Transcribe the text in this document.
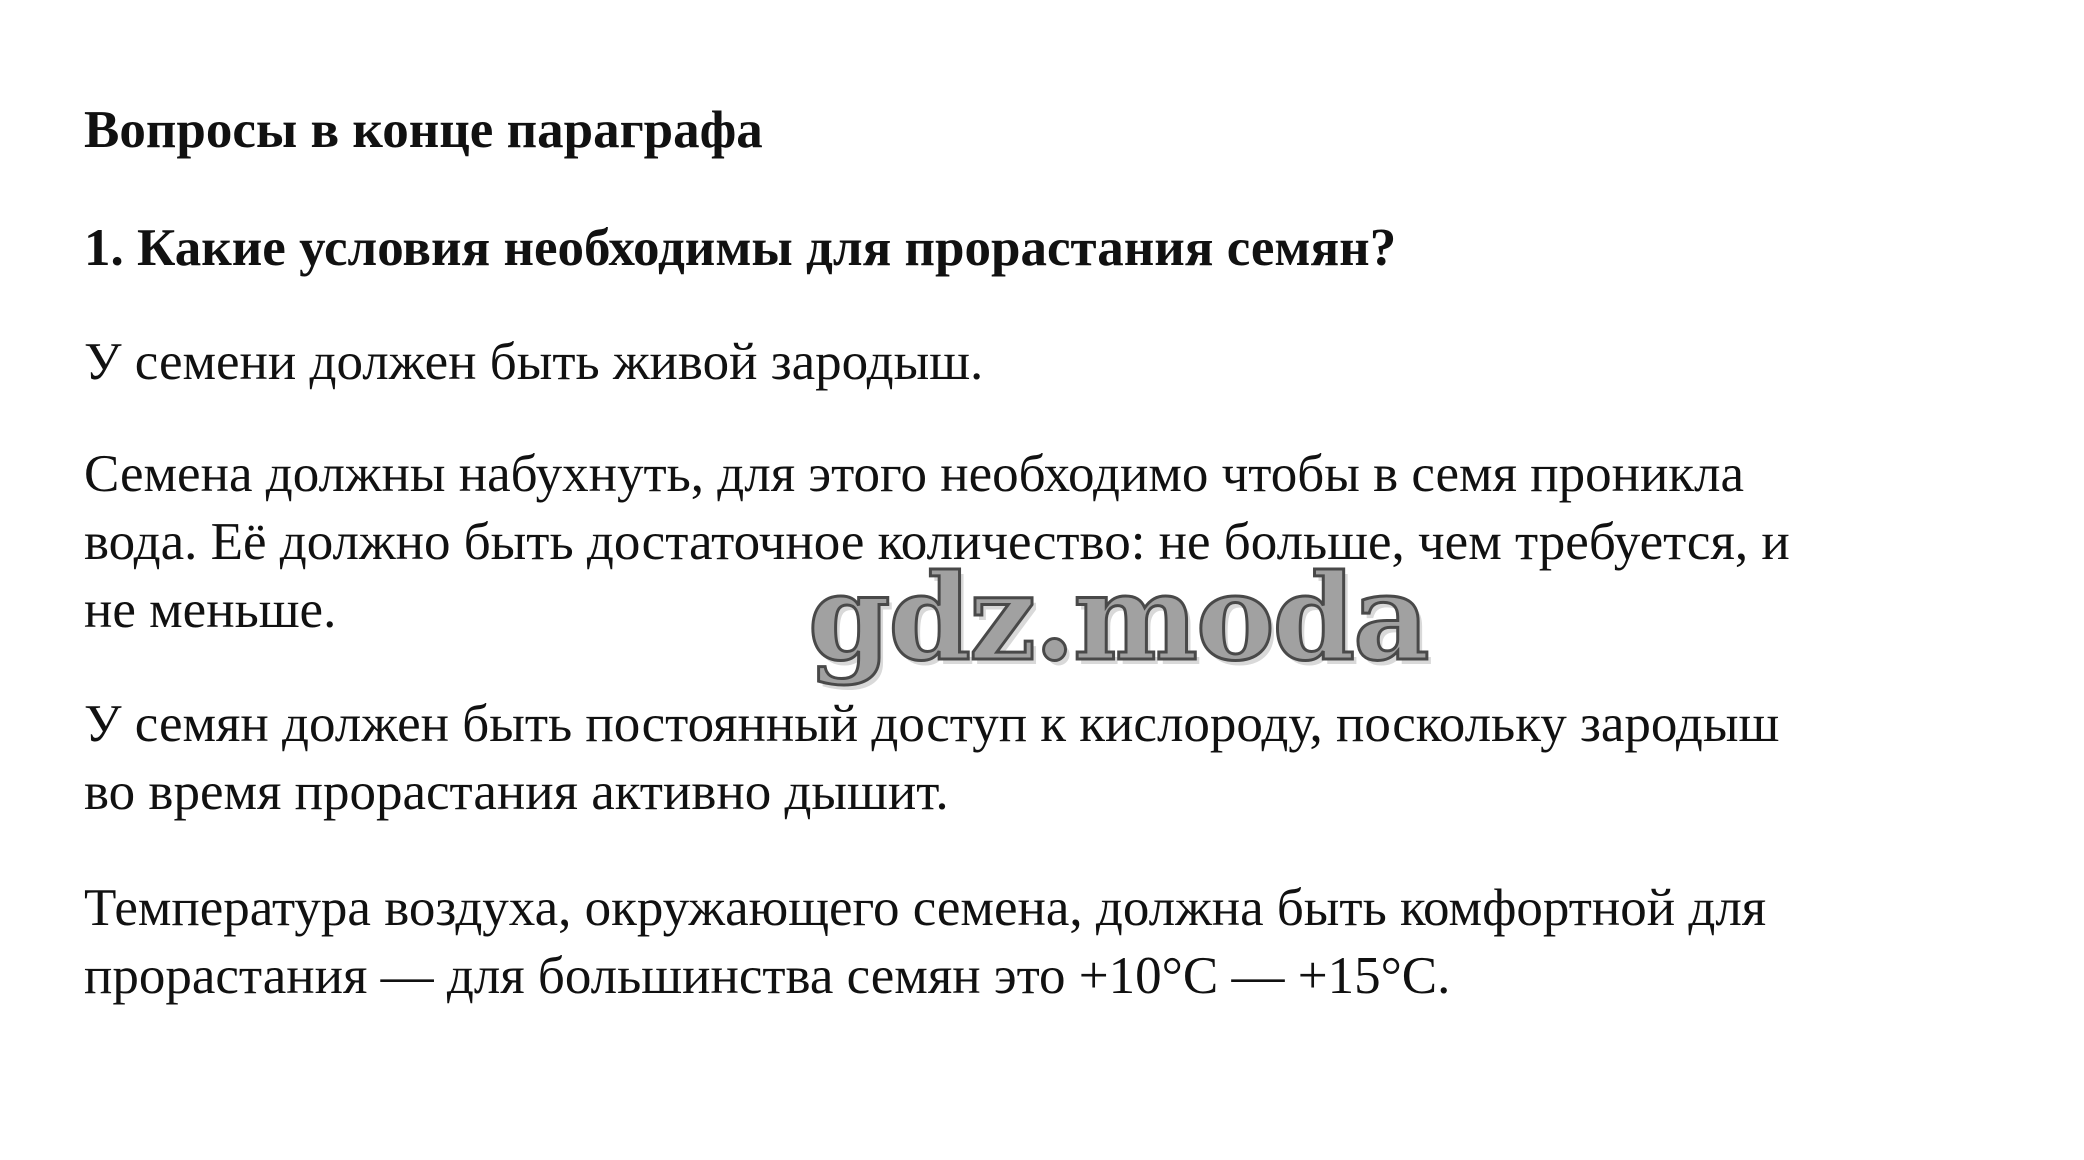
Вопросы в конце параграфа
1. Какие условия необходимы для прорастания семян?

У семени должен быть живой зародыш.

Семена должны набухнуть, для этого необходимо чтобы в семя проникла
вода. Её должно быть достаточное количество: не больше, чем требуется, и
не меньше.

У семян должен быть постоянный доступ к кислороду, поскольку зародыш
во время прорастания активно дышит.

Температура воздуха, окружающего семена, должна быть комфортной для
прорастания — для большинства семян это +10°С — +15°С.

gdz.moda
